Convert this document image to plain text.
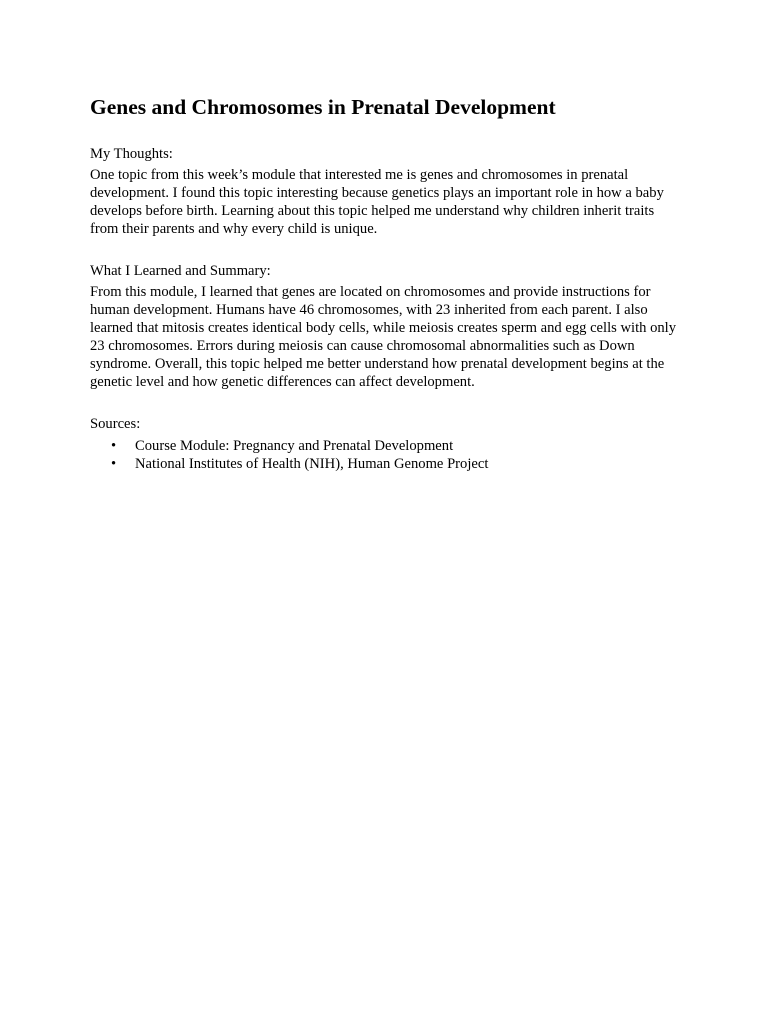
Genes and Chromosomes in Prenatal Development

My Thoughts:

One topic from this week’s module that interested me is genes and chromosomes in prenatal development. I found this topic interesting because genetics plays an important role in how a baby develops before birth. Learning about this topic helped me understand why children inherit traits from their parents and why every child is unique.

What I Learned and Summary:

From this module, I learned that genes are located on chromosomes and provide instructions for human development. Humans have 46 chromosomes, with 23 inherited from each parent. I also learned that mitosis creates identical body cells, while meiosis creates sperm and egg cells with only 23 chromosomes. Errors during meiosis can cause chromosomal abnormalities such as Down syndrome. Overall, this topic helped me better understand how prenatal development begins at the genetic level and how genetic differences can affect development.

Sources:

• Course Module: Pregnancy and Prenatal Development
• National Institutes of Health (NIH), Human Genome Project
